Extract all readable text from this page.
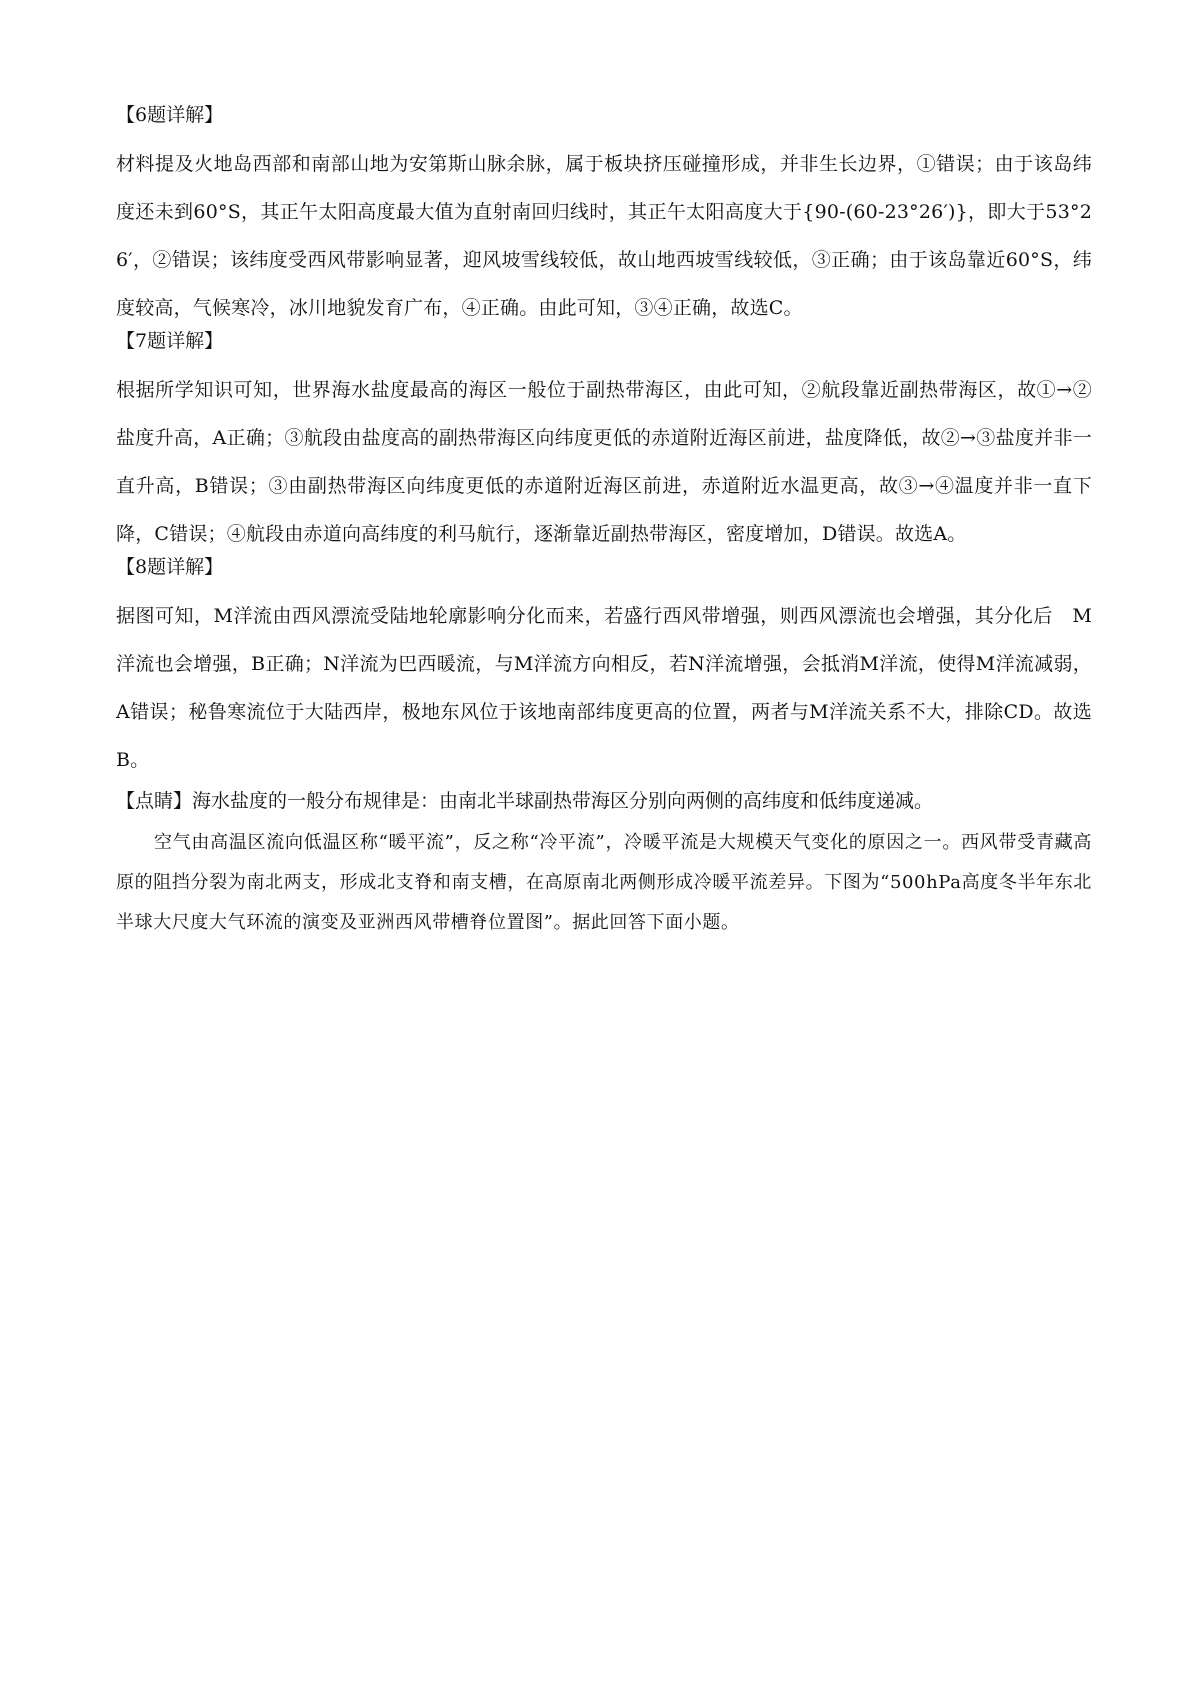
【6题详解】

材料提及火地岛西部和南部山地为安第斯山脉余脉，属于板块挤压碰撞形成，并非生长边界，①错误；由于该岛纬度还未到60°S，其正午太阳高度最大值为直射南回归线时，其正午太阳高度大于{90-(60-23°26′)}，即大于53°26′，②错误；该纬度受西风带影响显著，迎风坡雪线较低，故山地西坡雪线较低，③正确；由于该岛靠近60°S，纬度较高，气候寒冷，冰川地貌发育广布，④正确。由此可知，③④正确，故选C。

【7题详解】

根据所学知识可知，世界海水盐度最高的海区一般位于副热带海区，由此可知，②航段靠近副热带海区，故①→②盐度升高，A正确；③航段由盐度高的副热带海区向纬度更低的赤道附近海区前进，盐度降低，故②→③盐度并非一直升高，B错误；③由副热带海区向纬度更低的赤道附近海区前进，赤道附近水温更高，故③→④温度并非一直下降，C错误；④航段由赤道向高纬度的利马航行，逐渐靠近副热带海区，密度增加，D错误。故选A。

【8题详解】

据图可知，M洋流由西风漂流受陆地轮廓影响分化而来，若盛行西风带增强，则西风漂流也会增强，其分化后　M洋流也会增强，B正确；N洋流为巴西暖流，与M洋流方向相反，若N洋流增强，会抵消M洋流，使得M洋流减弱，A错误；秘鲁寒流位于大陆西岸，极地东风位于该地南部纬度更高的位置，两者与M洋流关系不大，排除CD。故选B。

【点睛】海水盐度的一般分布规律是：由南北半球副热带海区分别向两侧的高纬度和低纬度递减。

空气由高温区流向低温区称“暖平流”，反之称“冷平流”，冷暖平流是大规模天气变化的原因之一。西风带受青藏高原的阻挡分裂为南北两支，形成北支脊和南支槽，在高原南北两侧形成冷暖平流差异。下图为“500hPa高度冬半年东北半球大尺度大气环流的演变及亚洲西风带槽脊位置图”。据此回答下面小题。
